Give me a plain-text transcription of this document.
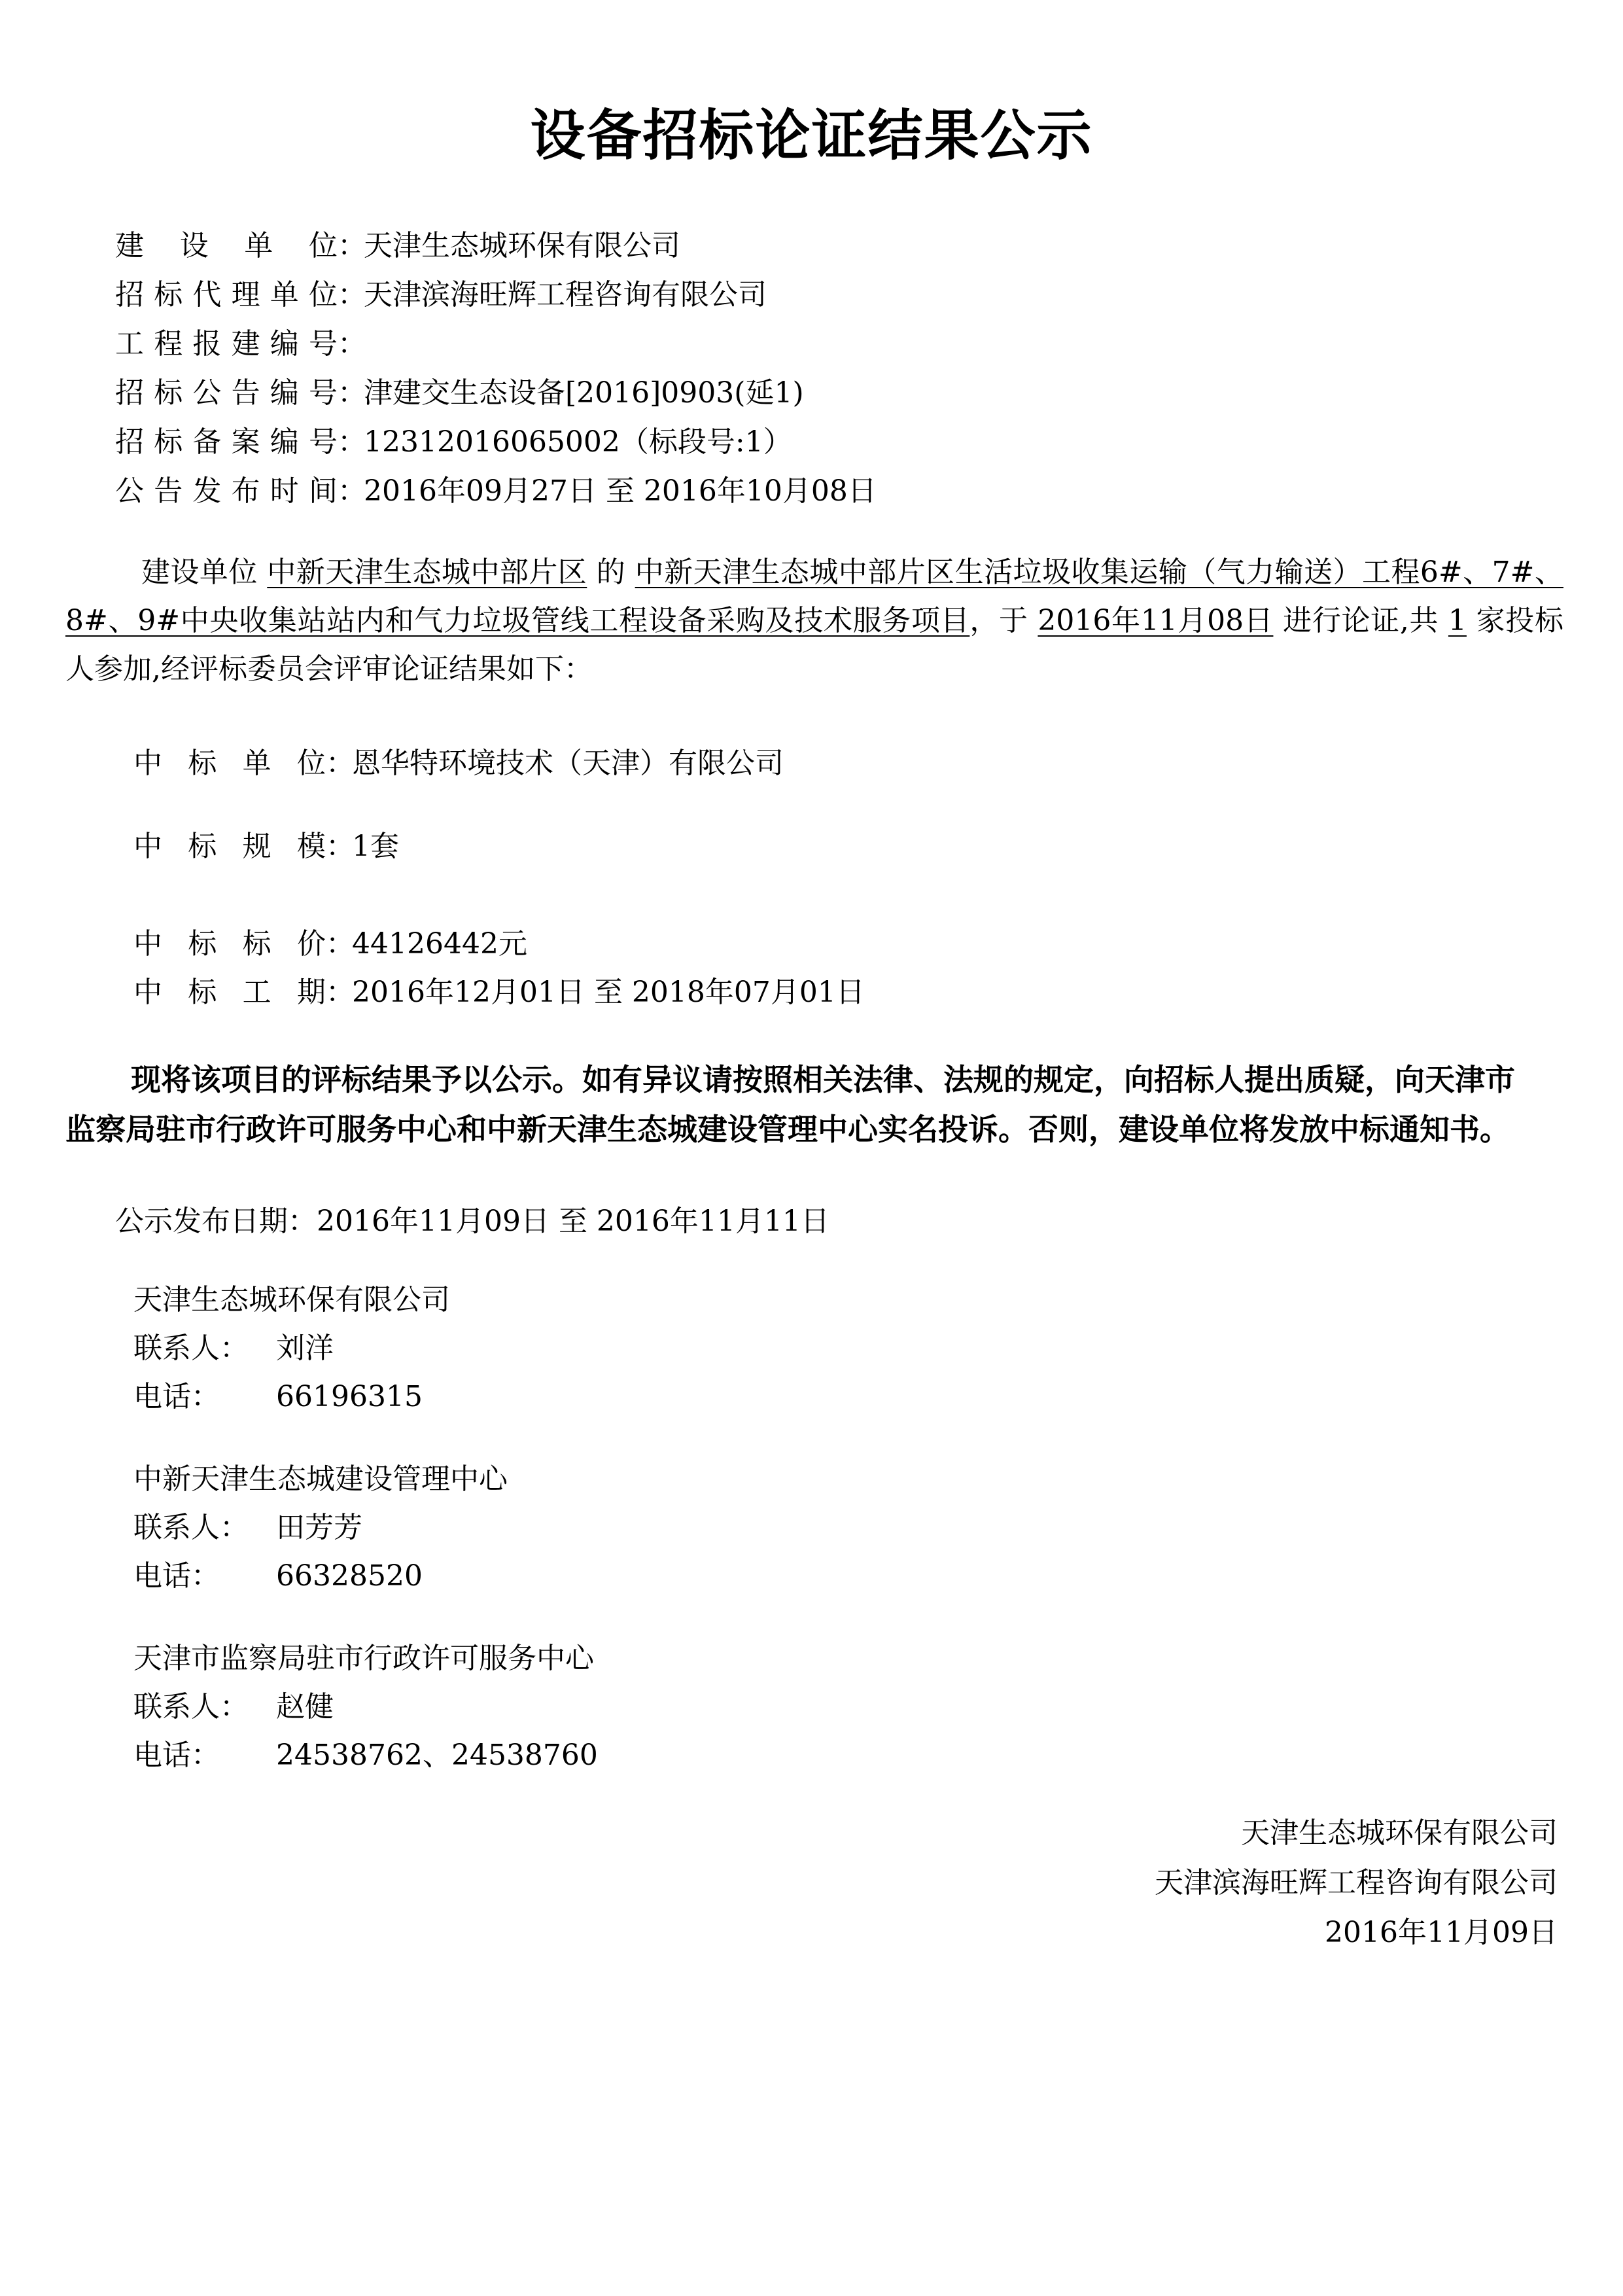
设备招标论证结果公示
建设单位：天津生态城环保有限公司
招标代理单位：天津滨海旺辉工程咨询有限公司
工程报建编号：
招标公告编号：津建交生态设备[2016]0903(延1)
招标备案编号：12312016065002（标段号:1）
公告发布时间：2016年09月27日 至 2016年10月08日
建设单位 中新天津生态城中部片区 的 中新天津生态城中部片区生活垃圾收集运输（气力输送）工程6#、7#、8#、9#中央收集站站内和气力垃圾管线工程设备采购及技术服务项目，于 2016年11月08日 进行论证,共 1 家投标人参加,经评标委员会评审论证结果如下：
中标单位：恩华特环境技术（天津）有限公司
中标规模：1套
中标标价：44126442元
中标工期：2016年12月01日 至 2018年07月01日
现将该项目的评标结果予以公示。如有异议请按照相关法律、法规的规定，向招标人提出质疑，向天津市监察局驻市行政许可服务中心和中新天津生态城建设管理中心实名投诉。否则，建设单位将发放中标通知书。
公示发布日期：2016年11月09日 至 2016年11月11日
天津生态城环保有限公司
联系人： 刘洋
电话： 66196315
中新天津生态城建设管理中心
联系人： 田芳芳
电话： 66328520
天津市监察局驻市行政许可服务中心
联系人： 赵健
电话： 24538762、24538760
天津生态城环保有限公司
天津滨海旺辉工程咨询有限公司
2016年11月09日
